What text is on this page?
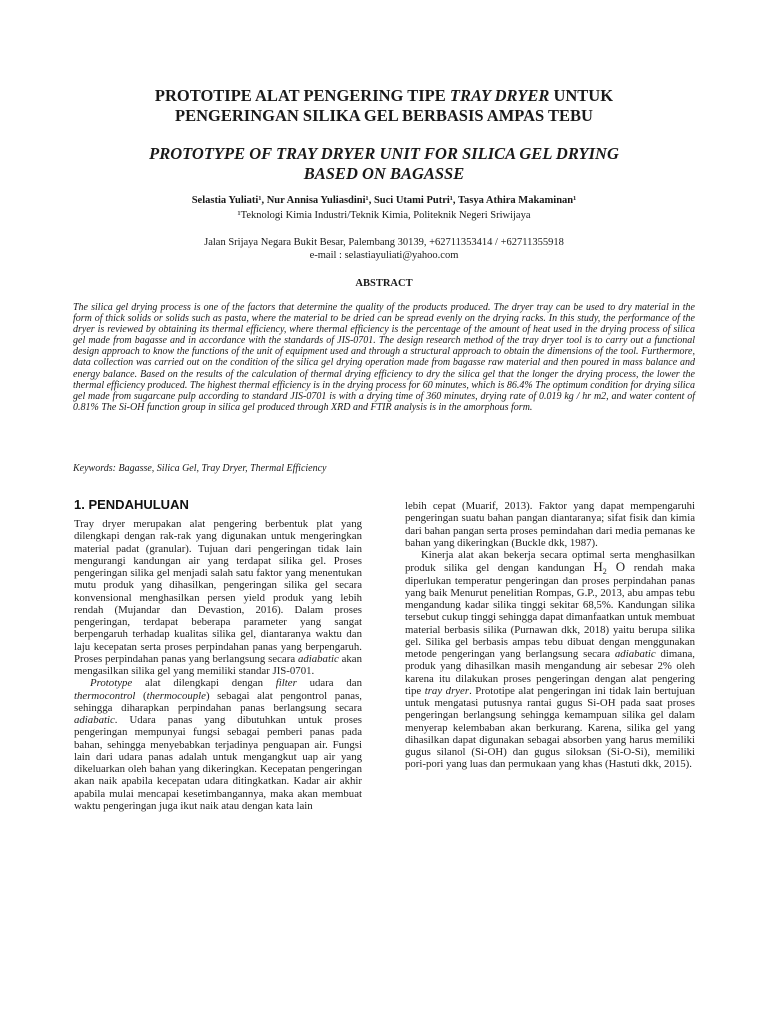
PROTOTIPE ALAT PENGERING TIPE TRAY DRYER UNTUK
PENGERINGAN SILIKA GEL BERBASIS AMPAS TEBU
PROTOTYPE OF TRAY DRYER UNIT FOR SILICA GEL DRYING
BASED ON BAGASSE
Selastia Yuliati¹, Nur Annisa Yuliasdini¹, Suci Utami Putri¹, Tasya Athira Makaminan¹
¹Teknologi Kimia Industri/Teknik Kimia, Politeknik Negeri Sriwijaya
Jalan Srijaya Negara Bukit Besar, Palembang 30139, +62711353414 / +62711355918
e-mail : selastiayuliati@yahoo.com
ABSTRACT

The silica gel drying process is one of the factors that determine the quality of the products produced. The dryer tray can be used to dry material in the form of thick solids or solids such as pasta, where the material to be dried can be spread evenly on the drying racks. In this study, the performance of the dryer is reviewed by obtaining its thermal efficiency, where thermal efficiency is the percentage of the amount of heat used in the drying process of silica gel made from bagasse and in accordance with the standards of JIS-0701. The design research method of the tray dryer tool is to carry out a functional design approach to know the functions of the unit of equipment used and through a structural approach to obtain the dimensions of the tool. Furthermore, data collection was carried out on the condition of the silica gel drying operation made from bagasse raw material and then poured in mass balance and energy balance. Based on the results of the calculation of thermal drying efficiency to dry the silica gel that the longer the drying process, the lower the thermal efficiency produced. The highest thermal efficiency is in the drying process for 60 minutes, which is 86.4% The optimum condition for drying silica gel made from sugarcane pulp according to standard JIS-0701 is with a drying time of 360 minutes, drying rate of 0.019 kg / hr m2, and water content of 0.81% The Si-OH function group in silica gel produced through XRD and FTIR analysis is in the amorphous form.

Keywords: Bagasse, Silica Gel, Tray Dryer, Thermal Efficiency

1. PENDAHULUAN

Tray dryer merupakan alat pengering berbentuk plat yang dilengkapi dengan rak-rak yang digunakan untuk mengeringkan material padat (granular). Tujuan dari pengeringan tidak lain mengurangi kandungan air yang terdapat silika gel. Proses pengeringan silika gel menjadi salah satu faktor yang menentukan mutu produk yang dihasilkan, pengeringan silika gel secara konvensional menghasilkan persen yield produk yang lebih rendah (Mujandar dan Devastion, 2016). Dalam proses pengeringan, terdapat beberapa parameter yang sangat berpengaruh terhadap kualitas silika gel, diantaranya waktu dan laju kecepatan serta proses perpindahan panas yang berpengaruh. Proses perpindahan panas yang berlangsung secara adiabatic akan mengasilkan silika gel yang memiliki standar JIS-0701.

Prototype alat dilengkapi dengan filter udara dan thermocontrol (thermocouple) sebagai alat pengontrol panas, sehingga diharapkan perpindahan panas berlangsung secara adiabatic. Udara panas yang dibutuhkan untuk proses pengeringan mempunyai fungsi sebagai pemberi panas pada bahan, sehingga menyebabkan terjadinya penguapan air. Fungsi lain dari udara panas adalah untuk mengangkut uap air yang dikeluarkan oleh bahan yang dikeringkan. Kecepatan pengeringan akan naik apabila kecepatan udara ditingkatkan. Kadar air akhir apabila mulai mencapai kesetimbangannya, maka akan membuat waktu pengeringan juga ikut naik atau dengan kata lain

lebih cepat (Muarif, 2013). Faktor yang dapat mempengaruhi pengeringan suatu bahan pangan diantaranya; sifat fisik dan kimia dari bahan pangan serta proses pemindahan dari media pemanas ke bahan yang dikeringkan (Buckle dkk, 1987).

Kinerja alat akan bekerja secara optimal serta menghasilkan produk silika gel dengan kandungan $H_2$ O rendah maka diperlukan temperatur pengeringan dan proses perpindahan panas yang baik Menurut penelitian Rompas, G.P., 2013, abu ampas tebu mengandung kadar silika tinggi sekitar 68,5%. Kandungan silika tersebut cukup tinggi sehingga dapat dimanfaatkan untuk membuat material berbasis silika (Purnawan dkk, 2018) yaitu berupa silika gel. Silika gel berbasis ampas tebu dibuat dengan menggunakan metode pengeringan yang berlangsung secara adiabatic dimana, produk yang dihasilkan masih mengandung air sebesar 2% oleh karena itu dilakukan proses pengeringan dengan alat pengering tipe tray dryer. Prototipe alat pengeringan ini tidak lain bertujuan untuk mengatasi putusnya rantai gugus Si-OH pada saat proses pengeringan berlangsung sehingga kemampuan silika gel dalam menyerap kelembaban akan berkurang. Karena, silika gel yang dihasilkan dapat digunakan sebagai absorben yang harus memiliki gugus silanol (Si-OH) dan gugus siloksan (Si-O-Si), memiliki pori-pori yang luas dan permukaan yang khas (Hastuti dkk, 2015).
